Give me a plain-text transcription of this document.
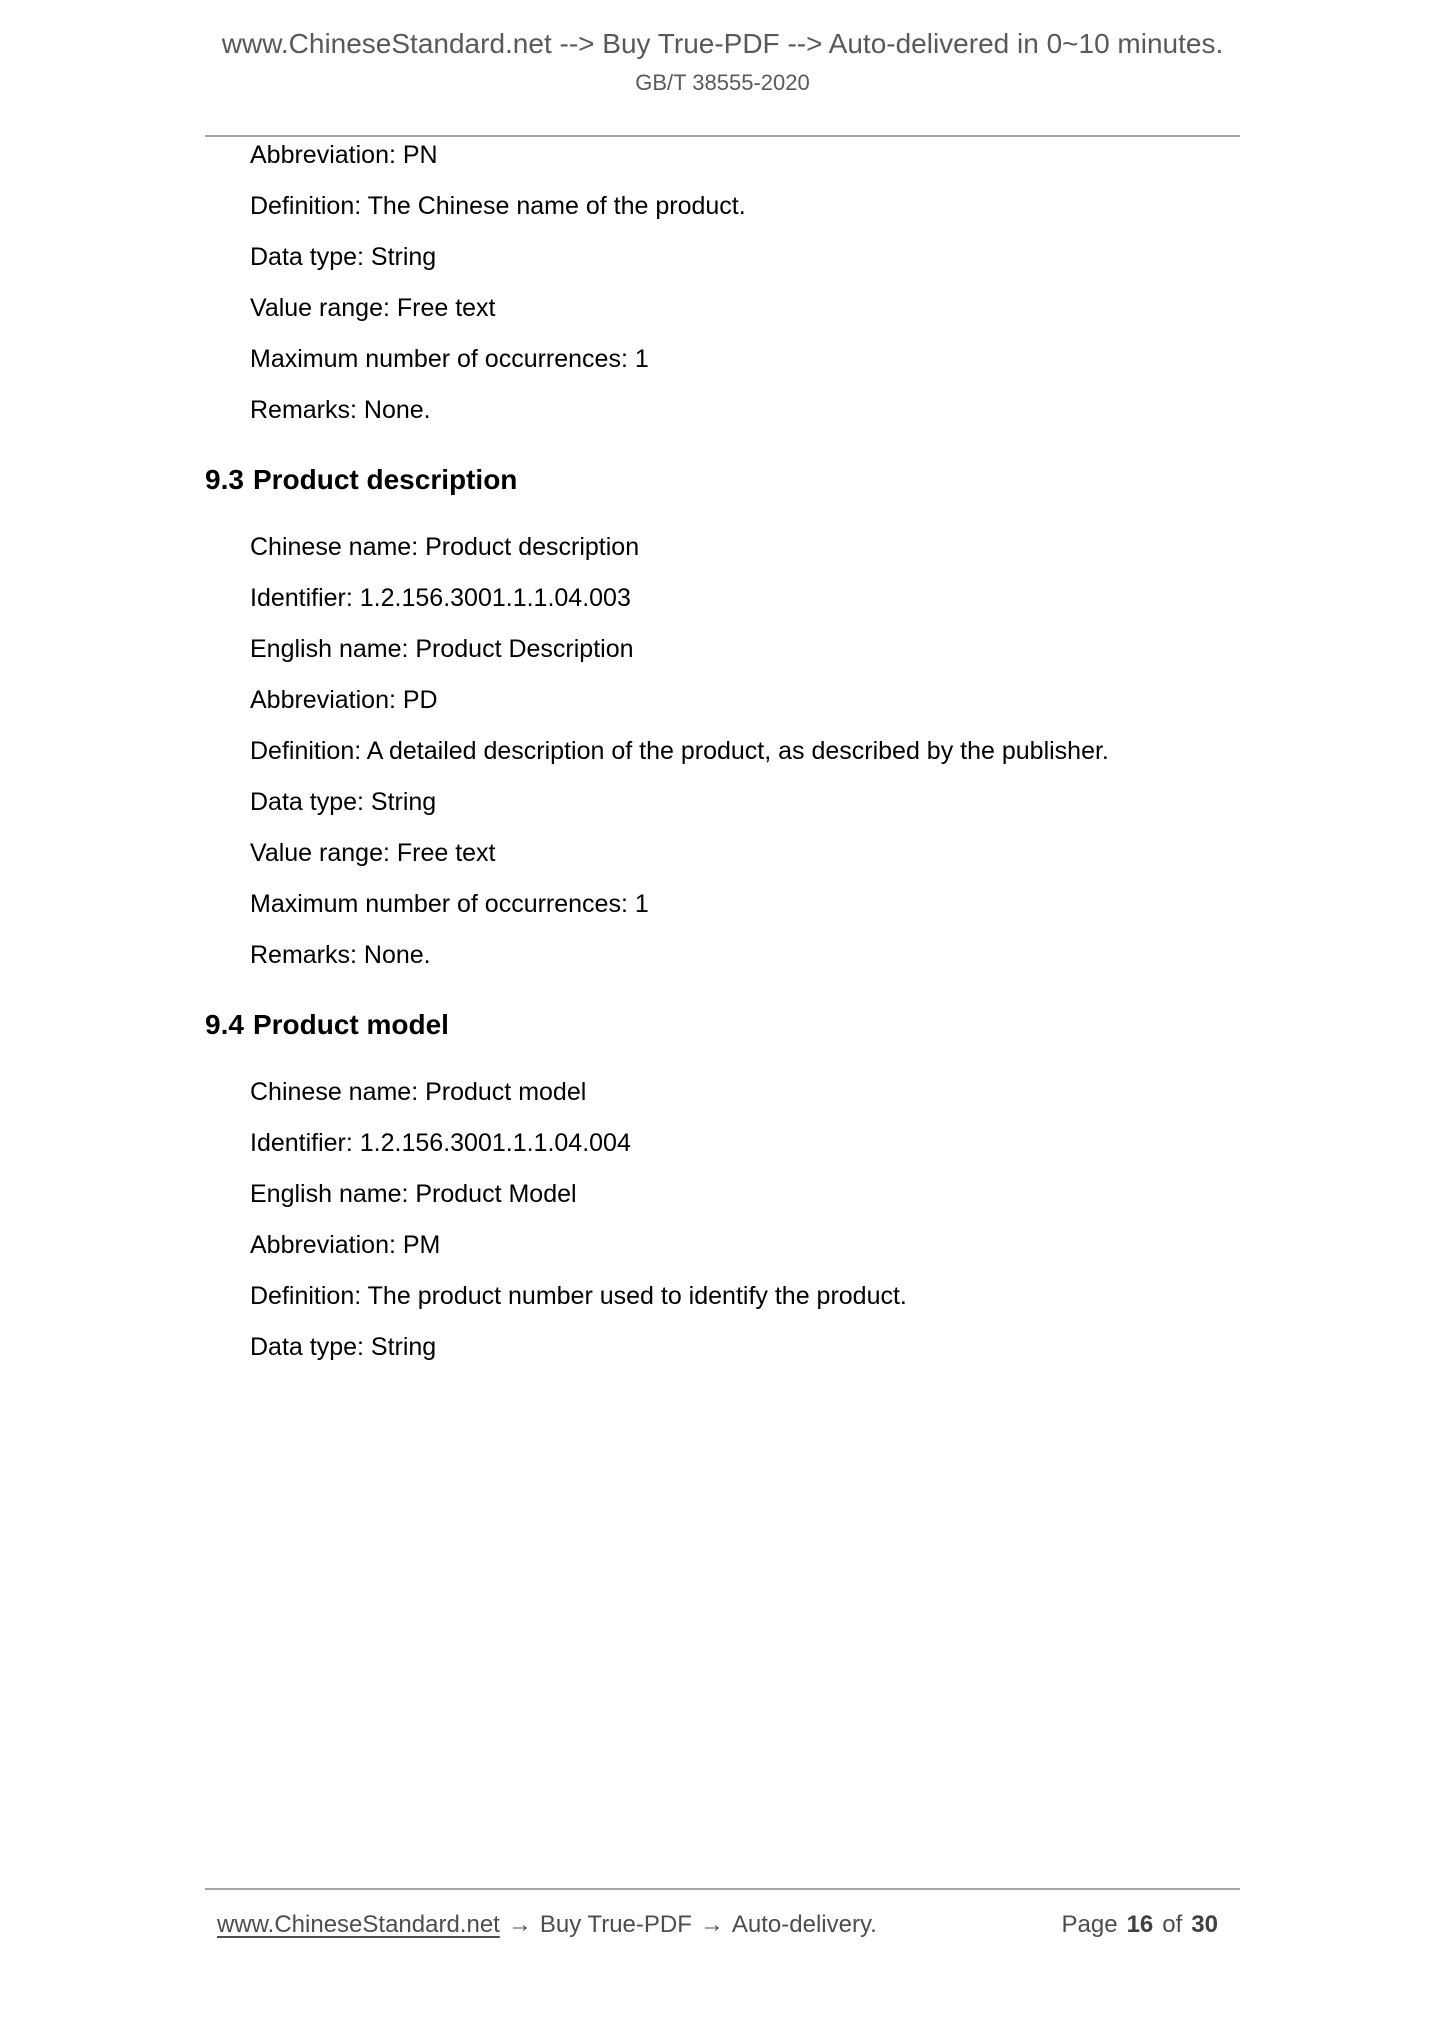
www.ChineseStandard.net --> Buy True-PDF --> Auto-delivered in 0~10 minutes.
GB/T 38555-2020

Abbreviation: PN

Definition: The Chinese name of the product.

Data type: String

Value range: Free text

Maximum number of occurrences: 1

Remarks: None.

9.3 Product description

Chinese name: Product description

Identifier: 1.2.156.3001.1.1.04.003

English name: Product Description

Abbreviation: PD

Definition: A detailed description of the product, as described by the publisher.

Data type: String

Value range: Free text

Maximum number of occurrences: 1

Remarks: None.

9.4 Product model

Chinese name: Product model

Identifier: 1.2.156.3001.1.1.04.004

English name: Product Model

Abbreviation: PM

Definition: The product number used to identify the product.

Data type: String

www.ChineseStandard.net → Buy True-PDF → Auto-delivery.	Page 16 of 30
